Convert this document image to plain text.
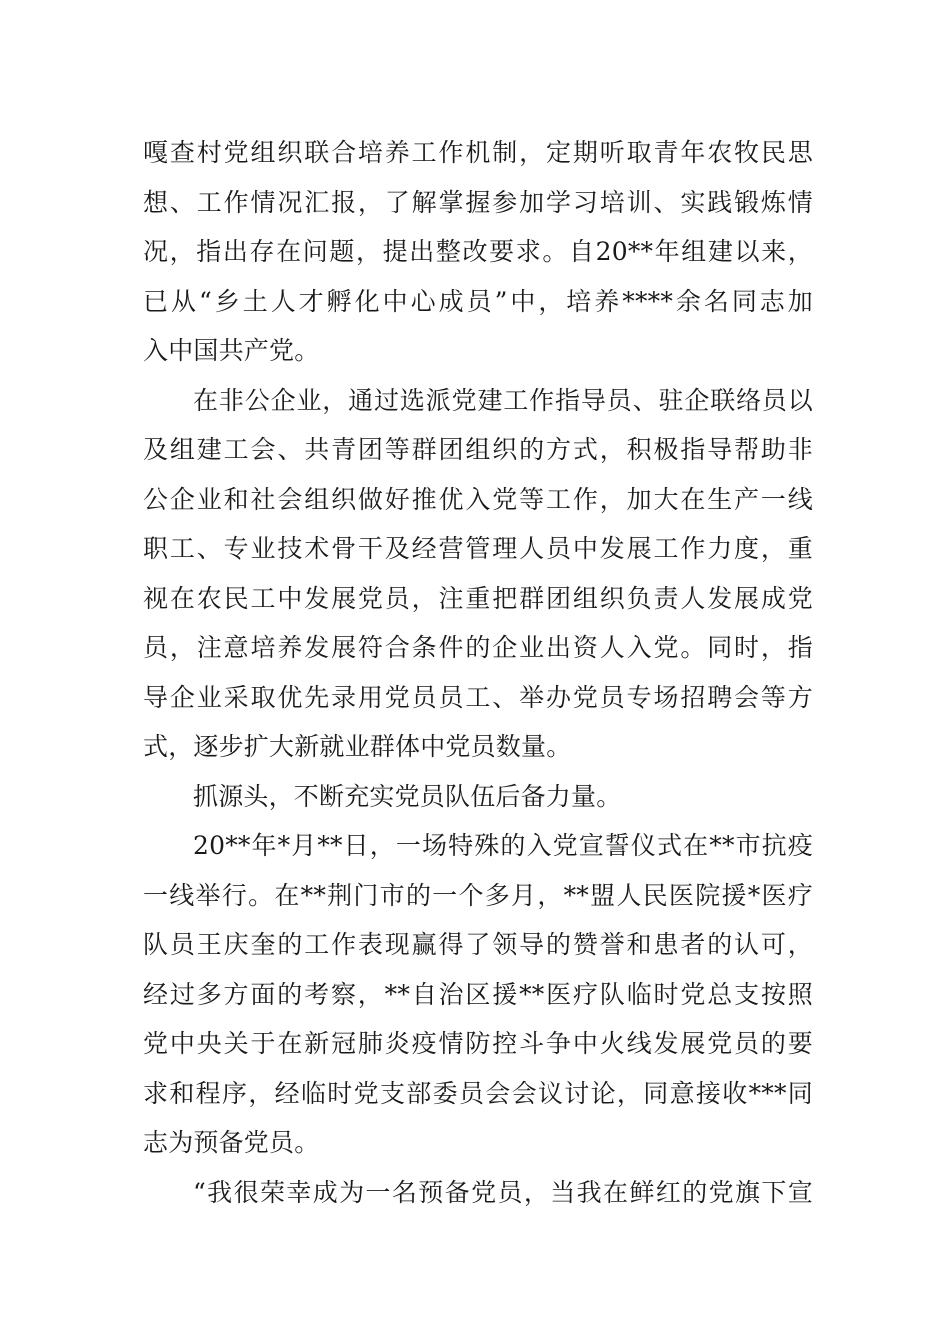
嘎查村党组织联合培养工作机制，定期听取青年农牧民思
想、工作情况汇报，了解掌握参加学习培训、实践锻炼情
况，指出存在问题，提出整改要求。自20**年组建以来，
已从“乡土人才孵化中心成员”中，培养****余名同志加
入中国共产党。

在非公企业，通过选派党建工作指导员、驻企联络员以
及组建工会、共青团等群团组织的方式，积极指导帮助非
公企业和社会组织做好推优入党等工作，加大在生产一线
职工、专业技术骨干及经营管理人员中发展工作力度，重
视在农民工中发展党员，注重把群团组织负责人发展成党
员，注意培养发展符合条件的企业出资人入党。同时，指
导企业采取优先录用党员员工、举办党员专场招聘会等方
式，逐步扩大新就业群体中党员数量。

抓源头，不断充实党员队伍后备力量。

20**年*月**日，一场特殊的入党宣誓仪式在**市抗疫
一线举行。在**荆门市的一个多月，**盟人民医院援*医疗
队员王庆奎的工作表现赢得了领导的赞誉和患者的认可，
经过多方面的考察，**自治区援**医疗队临时党总支按照
党中央关于在新冠肺炎疫情防控斗争中火线发展党员的要
求和程序，经临时党支部委员会会议讨论，同意接收***同
志为预备党员。

“我很荣幸成为一名预备党员，当我在鲜红的党旗下宣
